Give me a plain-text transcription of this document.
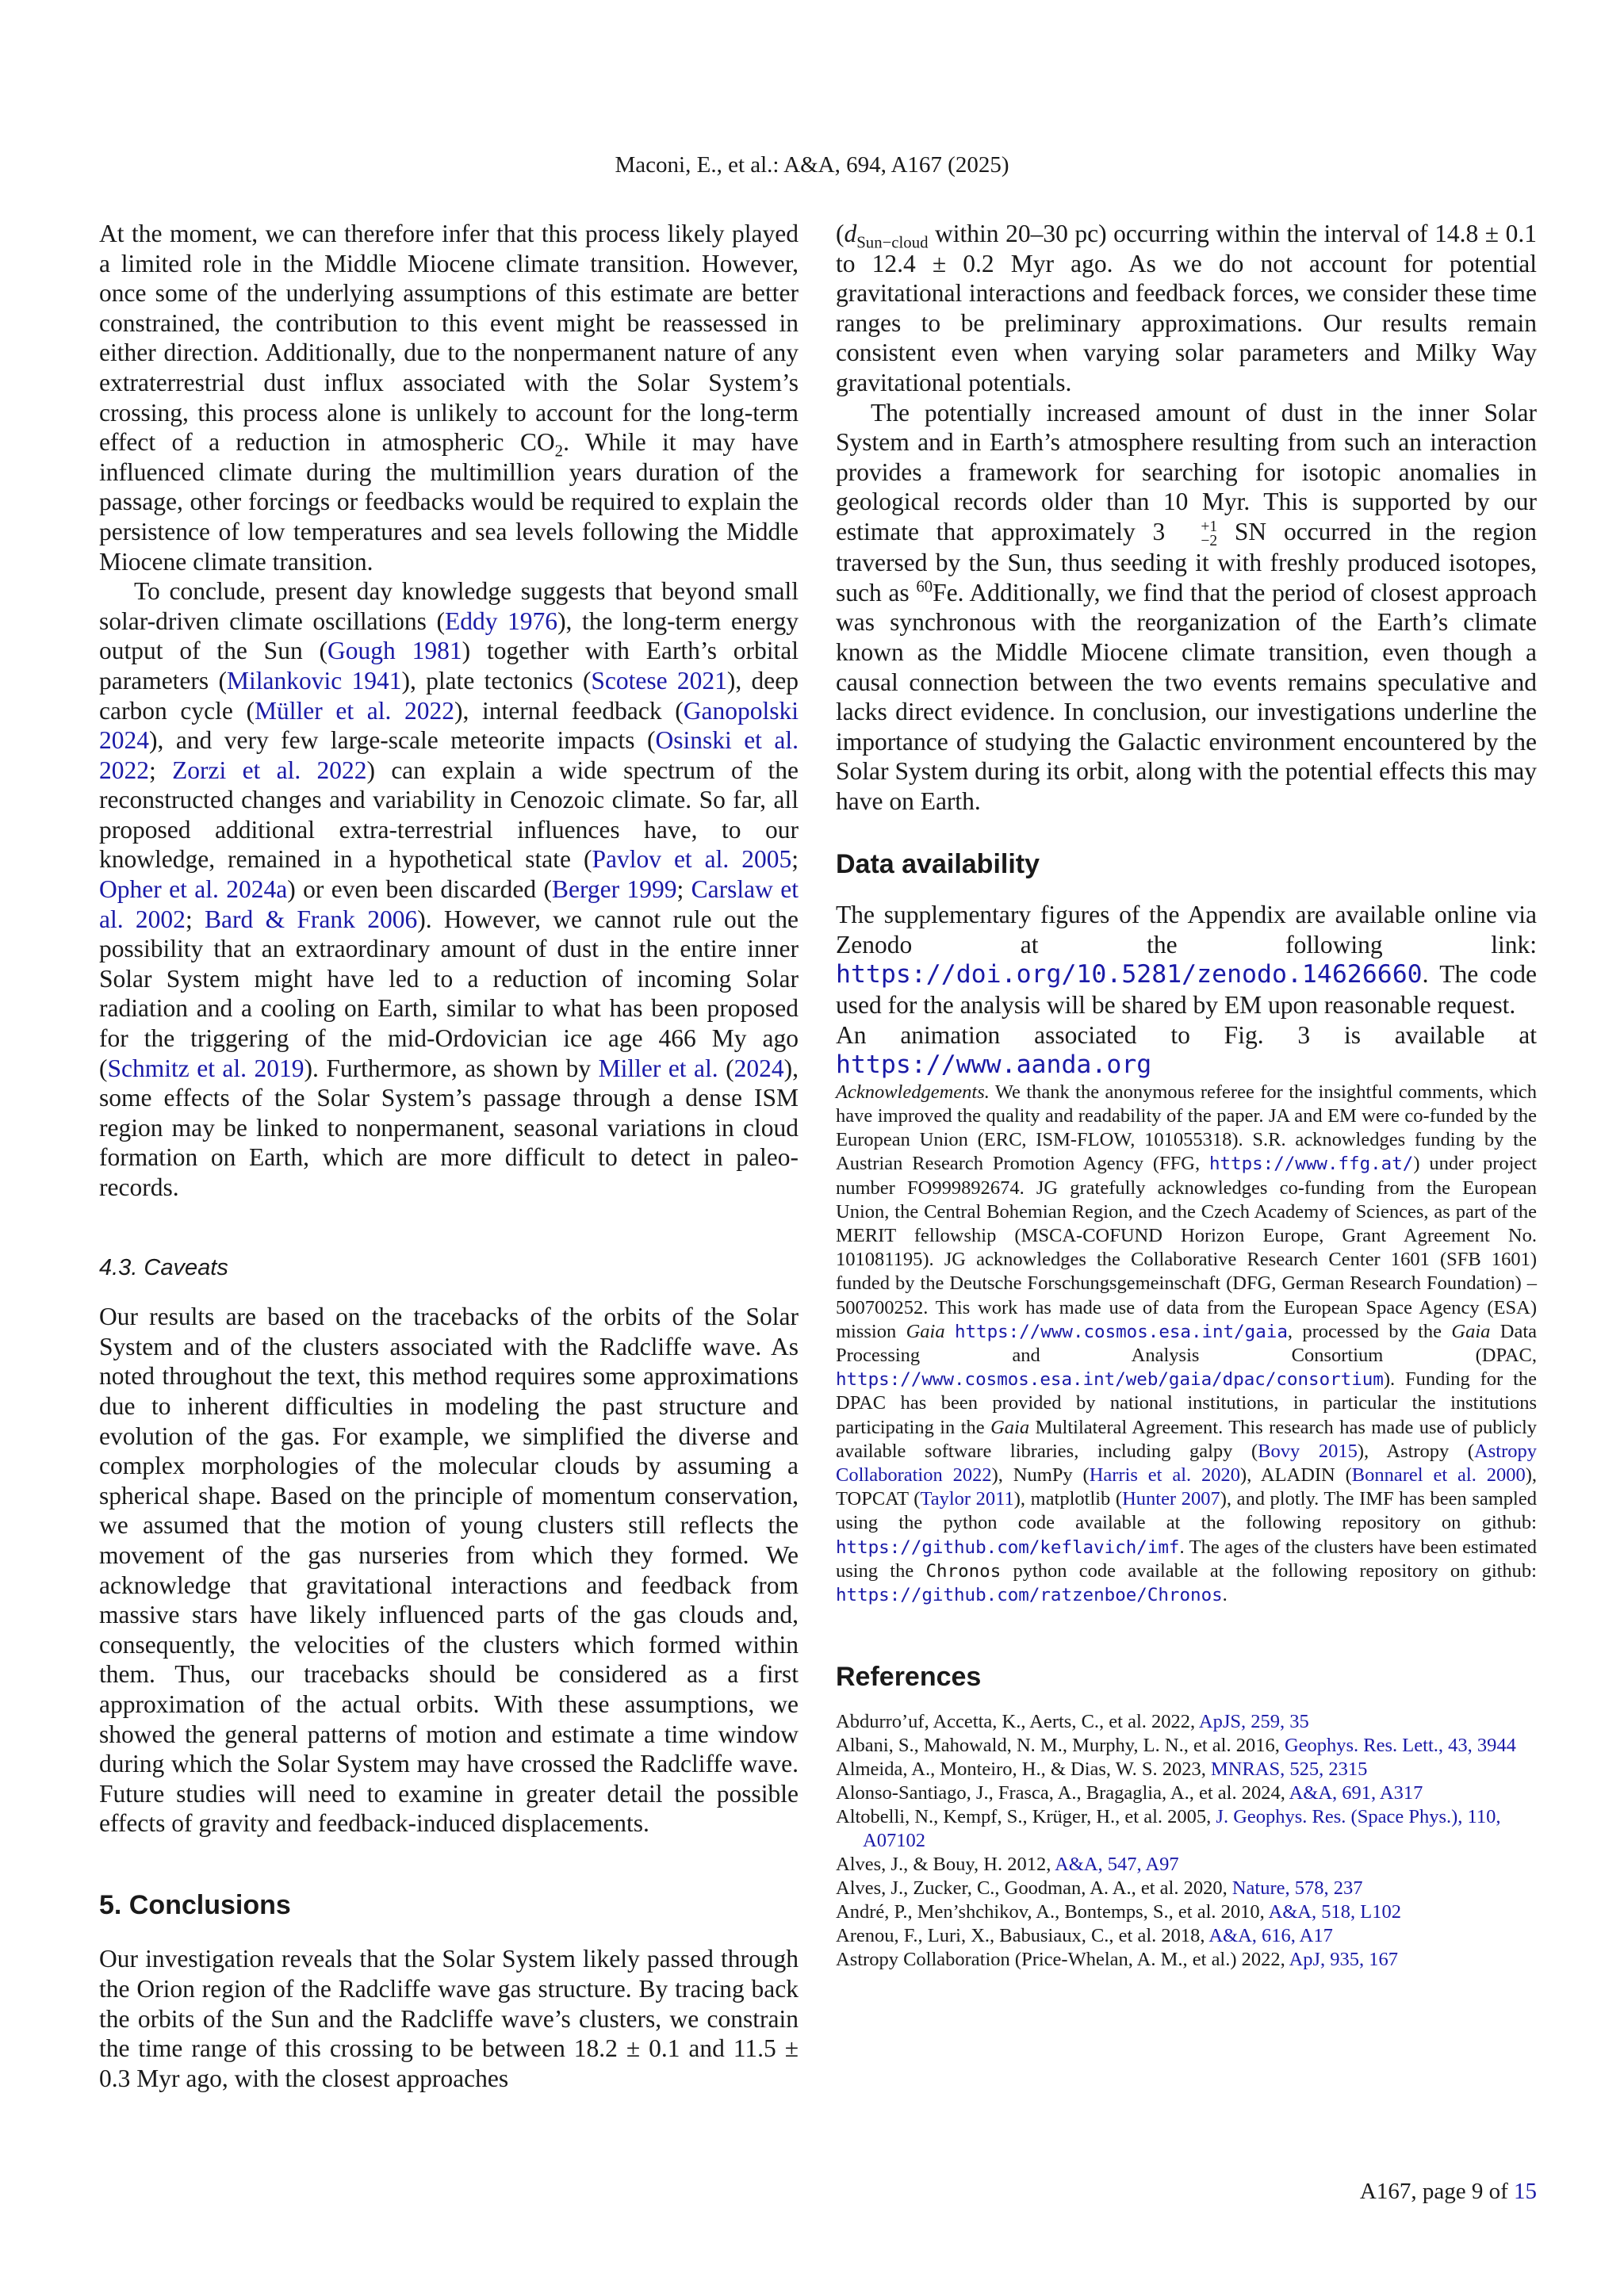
Maconi, E., et al.: A&A, 694, A167 (2025)

At the moment, we can therefore infer that this process likely played a limited role in the Middle Miocene climate transition. However, once some of the underlying assumptions of this estimate are better constrained, the contribution to this event might be reassessed in either direction. Additionally, due to the nonpermanent nature of any extraterrestrial dust influx associated with the Solar System’s crossing, this process alone is unlikely to account for the long-term effect of a reduction in atmospheric $CO_2$. While it may have influenced climate during the multimillion years duration of the passage, other forcings or feedbacks would be required to explain the persistence of low temperatures and sea levels following the Middle Miocene climate transition.

To conclude, present day knowledge suggests that beyond small solar-driven climate oscillations (Eddy 1976), the long-term energy output of the Sun (Gough 1981) together with Earth’s orbital parameters (Milankovic 1941), plate tectonics (Scotese 2021), deep carbon cycle (Müller et al. 2022), internal feedback (Ganopolski 2024), and very few large-scale meteorite impacts (Osinski et al. 2022; Zorzi et al. 2022) can explain a wide spectrum of the reconstructed changes and variability in Cenozoic climate. So far, all proposed additional extra-terrestrial influences have, to our knowledge, remained in a hypothetical state (Pavlov et al. 2005; Opher et al. 2024a) or even been discarded (Berger 1999; Carslaw et al. 2002; Bard & Frank 2006). However, we cannot rule out the possibility that an extraordinary amount of dust in the entire inner Solar System might have led to a reduction of incoming Solar radiation and a cooling on Earth, similar to what has been proposed for the triggering of the mid-Ordovician ice age 466 My ago (Schmitz et al. 2019). Furthermore, as shown by Miller et al. (2024), some effects of the Solar System’s passage through a dense ISM region may be linked to nonpermanent, seasonal variations in cloud formation on Earth, which are more difficult to detect in paleo-records.

4.3. Caveats

Our results are based on the tracebacks of the orbits of the Solar System and of the clusters associated with the Radcliffe wave. As noted throughout the text, this method requires some approximations due to inherent difficulties in modeling the past structure and evolution of the gas. For example, we simplified the diverse and complex morphologies of the molecular clouds by assuming a spherical shape. Based on the principle of momentum conservation, we assumed that the motion of young clusters still reflects the movement of the gas nurseries from which they formed. We acknowledge that gravitational interactions and feedback from massive stars have likely influenced parts of the gas clouds and, consequently, the velocities of the clusters which formed within them. Thus, our tracebacks should be considered as a first approximation of the actual orbits. With these assumptions, we showed the general patterns of motion and estimate a time window during which the Solar System may have crossed the Radcliffe wave. Future studies will need to examine in greater detail the possible effects of gravity and feedback-induced displacements.

5. Conclusions

Our investigation reveals that the Solar System likely passed through the Orion region of the Radcliffe wave gas structure. By tracing back the orbits of the Sun and the Radcliffe wave’s clusters, we constrain the time range of this crossing to be between 18.2 ± 0.1 and 11.5 ± 0.3 Myr ago, with the closest approaches

($d_{Sun-cloud}$ within 20–30 pc) occurring within the interval of 14.8 ± 0.1 to 12.4 ± 0.2 Myr ago. As we do not account for potential gravitational interactions and feedback forces, we consider these time ranges to be preliminary approximations. Our results remain consistent even when varying solar parameters and Milky Way gravitational potentials.

The potentially increased amount of dust in the inner Solar System and in Earth’s atmosphere resulting from such an interaction provides a framework for searching for isotopic anomalies in geological records older than 10 Myr. This is supported by our estimate that approximately 3	+1
−2 SN occurred in the region traversed by the Sun, thus seeding it with freshly produced isotopes, such as $^{60}$Fe. Additionally, we find that the period of closest approach was synchronous with the reorganization of the Earth’s climate known as the Middle Miocene climate transition, even though a causal connection between the two events remains speculative and lacks direct evidence. In conclusion, our investigations underline the importance of studying the Galactic environment encountered by the Solar System during its orbit, along with the potential effects this may have on Earth.

Data availability

The supplementary figures of the Appendix are available online via Zenodo at the following link: https://doi.org/10.5281/zenodo.14626660. The code used for the analysis will be shared by EM upon reasonable request.

An animation associated to Fig. 3 is available at https://www.aanda.org

Acknowledgements. We thank the anonymous referee for the insightful comments, which have improved the quality and readability of the paper. JA and EM were co-funded by the European Union (ERC, ISM-FLOW, 101055318). S.R. acknowledges funding by the Austrian Research Promotion Agency (FFG, https://www.ffg.at/) under project number FO999892674. JG gratefully acknowledges co-funding from the European Union, the Central Bohemian Region, and the Czech Academy of Sciences, as part of the MERIT fellowship (MSCA-COFUND Horizon Europe, Grant Agreement No. 101081195). JG acknowledges the Collaborative Research Center 1601 (SFB 1601) funded by the Deutsche Forschungsgemeinschaft (DFG, German Research Foundation) – 500700252. This work has made use of data from the European Space Agency (ESA) mission Gaia https://www.cosmos.esa.int/gaia, processed by the Gaia Data Processing and Analysis Consortium (DPAC, https://www.cosmos.esa.int/web/gaia/dpac/consortium). Funding for the DPAC has been provided by national institutions, in particular the institutions participating in the Gaia Multilateral Agreement. This research has made use of publicly available software libraries, including galpy (Bovy 2015), Astropy (Astropy Collaboration 2022), NumPy (Harris et al. 2020), ALADIN (Bonnarel et al. 2000), TOPCAT (Taylor 2011), matplotlib (Hunter 2007), and plotly. The IMF has been sampled using the python code available at the following repository on github: https://github.com/keflavich/imf. The ages of the clusters have been estimated using the Chronos python code available at the following repository on github: https://github.com/ratzenboe/Chronos.

References
Abdurro’uf, Accetta, K., Aerts, C., et al. 2022, ApJS, 259, 35
Albani, S., Mahowald, N. M., Murphy, L. N., et al. 2016, Geophys. Res. Lett., 43, 3944
Almeida, A., Monteiro, H., & Dias, W. S. 2023, MNRAS, 525, 2315
Alonso-Santiago, J., Frasca, A., Bragaglia, A., et al. 2024, A&A, 691, A317
Altobelli, N., Kempf, S., Krüger, H., et al. 2005, J. Geophys. Res. (Space Phys.), 110, A07102
Alves, J., & Bouy, H. 2012, A&A, 547, A97
Alves, J., Zucker, C., Goodman, A. A., et al. 2020, Nature, 578, 237
André, P., Men’shchikov, A., Bontemps, S., et al. 2010, A&A, 518, L102
Arenou, F., Luri, X., Babusiaux, C., et al. 2018, A&A, 616, A17
Astropy Collaboration (Price-Whelan, A. M., et al.) 2022, ApJ, 935, 167
A167, page 9 of 15
